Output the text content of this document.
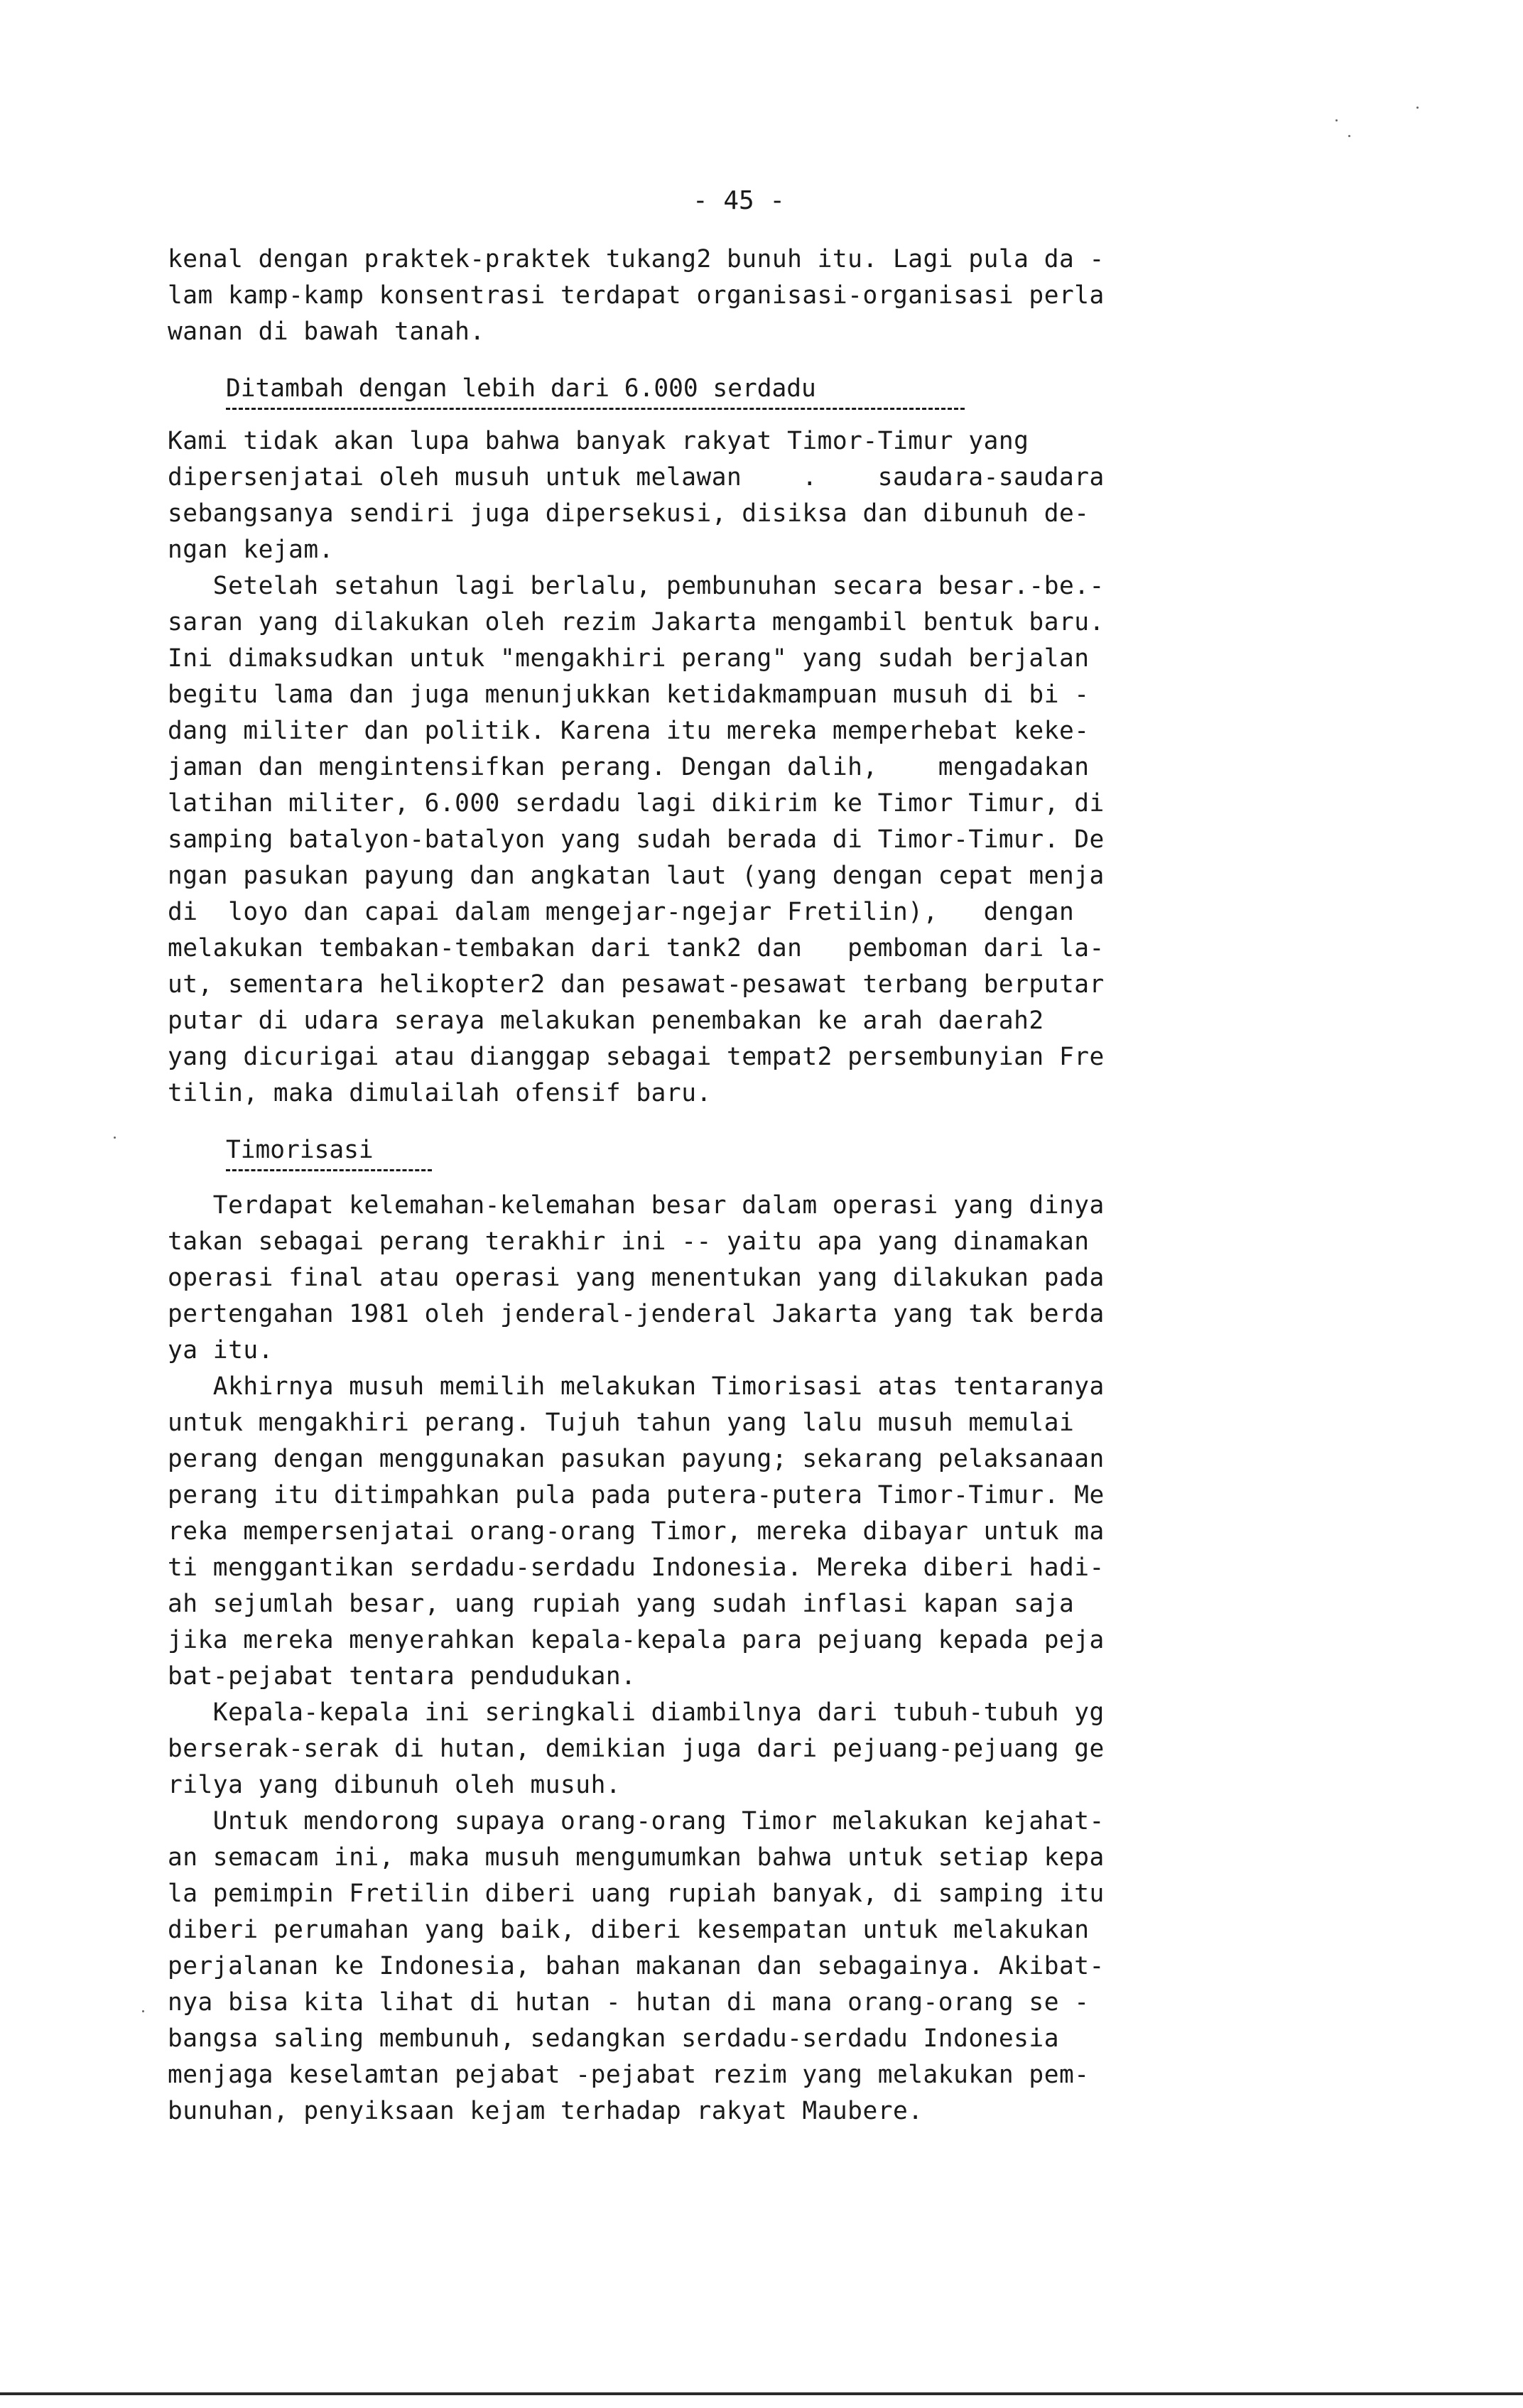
- 45 -
kenal dengan praktek-praktek tukang2 bunuh itu. Lagi pula da -
lam kamp-kamp konsentrasi terdapat organisasi-organisasi perla
wanan di bawah tanah.
Ditambah dengan lebih dari 6.000 serdadu
Kami tidak akan lupa bahwa banyak rakyat Timor-Timur yang
dipersenjatai oleh musuh untuk melawan    .    saudara-saudara
sebangsanya sendiri juga dipersekusi, disiksa dan dibunuh de-
ngan kejam.
Setelah setahun lagi berlalu, pembunuhan secara besar.-be.-
saran yang dilakukan oleh rezim Jakarta mengambil bentuk baru.
Ini dimaksudkan untuk "mengakhiri perang" yang sudah berjalan
begitu lama dan juga menunjukkan ketidakmampuan musuh di bi -
dang militer dan politik. Karena itu mereka memperhebat keke-
jaman dan mengintensifkan perang. Dengan dalih,    mengadakan
latihan militer, 6.000 serdadu lagi dikirim ke Timor Timur, di
samping batalyon-batalyon yang sudah berada di Timor-Timur. De
ngan pasukan payung dan angkatan laut (yang dengan cepat menja
di  loyo dan capai dalam mengejar-ngejar Fretilin),   dengan
melakukan tembakan-tembakan dari tank2 dan   pemboman dari la-
ut, sementara helikopter2 dan pesawat-pesawat terbang berputar
putar di udara seraya melakukan penembakan ke arah daerah2
yang dicurigai atau dianggap sebagai tempat2 persembunyian Fre
tilin, maka dimulailah ofensif baru.
Timorisasi
Terdapat kelemahan-kelemahan besar dalam operasi yang dinya
takan sebagai perang terakhir ini -- yaitu apa yang dinamakan
operasi final atau operasi yang menentukan yang dilakukan pada
pertengahan 1981 oleh jenderal-jenderal Jakarta yang tak berda
ya itu.
Akhirnya musuh memilih melakukan Timorisasi atas tentaranya
untuk mengakhiri perang. Tujuh tahun yang lalu musuh memulai
perang dengan menggunakan pasukan payung; sekarang pelaksanaan
perang itu ditimpahkan pula pada putera-putera Timor-Timur. Me
reka mempersenjatai orang-orang Timor, mereka dibayar untuk ma
ti menggantikan serdadu-serdadu Indonesia. Mereka diberi hadi-
ah sejumlah besar, uang rupiah yang sudah inflasi kapan saja
jika mereka menyerahkan kepala-kepala para pejuang kepada peja
bat-pejabat tentara pendudukan.
Kepala-kepala ini seringkali diambilnya dari tubuh-tubuh yg
berserak-serak di hutan, demikian juga dari pejuang-pejuang ge
rilya yang dibunuh oleh musuh.
Untuk mendorong supaya orang-orang Timor melakukan kejahat-
an semacam ini, maka musuh mengumumkan bahwa untuk setiap kepa
la pemimpin Fretilin diberi uang rupiah banyak, di samping itu
diberi perumahan yang baik, diberi kesempatan untuk melakukan
perjalanan ke Indonesia, bahan makanan dan sebagainya. Akibat-
nya bisa kita lihat di hutan - hutan di mana orang-orang se -
bangsa saling membunuh, sedangkan serdadu-serdadu Indonesia
menjaga keselamtan pejabat -pejabat rezim yang melakukan pem-
bunuhan, penyiksaan kejam terhadap rakyat Maubere.
